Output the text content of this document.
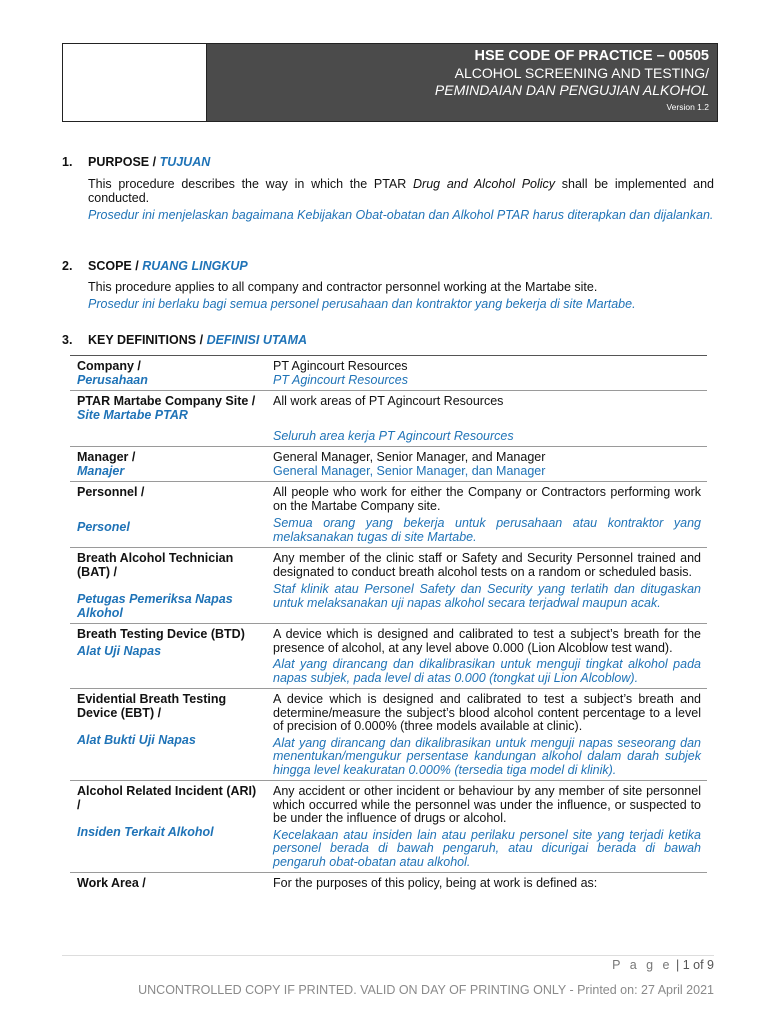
HSE CODE OF PRACTICE – 00505
ALCOHOL SCREENING AND TESTING/
PEMINDAIAN DAN PENGUJIAN ALKOHOL
Version 1.2
1.	PURPOSE /
TUJUAN
This procedure describes the way in which the PTAR Drug and Alcohol Policy shall be implemented and conducted.
Prosedur ini menjelaskan bagaimana Kebijakan Obat-obatan dan Alkohol PTAR harus diterapkan dan dijalankan.
2.	SCOPE /
RUANG LINGKUP
This procedure applies to all company and contractor personnel working at the Martabe site.
Prosedur ini berlaku bagi semua personel perusahaan dan kontraktor yang bekerja di site Martabe.
3.	KEY DEFINITIONS /
DEFINISI UTAMA
Company /
Perusahaan	PT Agincourt Resources
PT Agincourt Resources

PTAR Martabe Company Site /
Site Martabe PTAR	All work areas of PT Agincourt Resources
Seluruh area kerja PT Agincourt Resources

Manager /
Manajer	General Manager, Senior Manager, and Manager
General Manager, Senior Manager, dan Manager

Personnel /
Personel	All people who work for either the Company or Contractors performing work on the Martabe Company site.
Semua orang yang bekerja untuk perusahaan atau kontraktor yang melaksanakan tugas di site Martabe.

Breath Alcohol Technician (BAT) /
Petugas Pemeriksa Napas Alkohol	Any member of the clinic staff or Safety and Security Personnel trained and designated to conduct breath alcohol tests on a random or scheduled basis.
Staf klinik atau Personel Safety dan Security yang terlatih dan ditugaskan untuk melaksanakan uji napas alkohol secara terjadwal maupun acak.

Breath Testing Device (BTD)
Alat Uji Napas	A device which is designed and calibrated to test a subject’s breath for the presence of alcohol, at any level above 0.000 (Lion Alcoblow test wand).
Alat yang dirancang dan dikalibrasikan untuk menguji tingkat alkohol pada napas subjek, pada level di atas 0.000 (tongkat uji Lion Alcoblow).

Evidential Breath Testing Device (EBT) /
Alat Bukti Uji Napas	A device which is designed and calibrated to test a subject’s breath and determine/measure the subject’s blood alcohol content percentage to a level of precision of 0.000% (three models available at clinic).
Alat yang dirancang dan dikalibrasikan untuk menguji napas seseorang dan menentukan/mengukur persentase kandungan alkohol dalam darah subjek hingga level keakuratan 0.000% (tersedia tiga model di klinik).

Alcohol Related Incident (ARI) /
Insiden Terkait Alkohol	Any accident or other incident or behaviour by any member of site personnel which occurred while the personnel was under the influence, or suspected to be under the influence of drugs or alcohol.
Kecelakaan atau insiden lain atau perilaku personel site yang terjadi ketika personel berada di bawah pengaruh, atau dicurigai berada di bawah pengaruh obat-obatan atau alkohol.

Work Area /	For the purposes of this policy, being at work is defined as:
P a g e | 1 of 9
UNCONTROLLED COPY IF PRINTED. VALID ON DAY OF PRINTING ONLY - Printed on: 27 April 2021
